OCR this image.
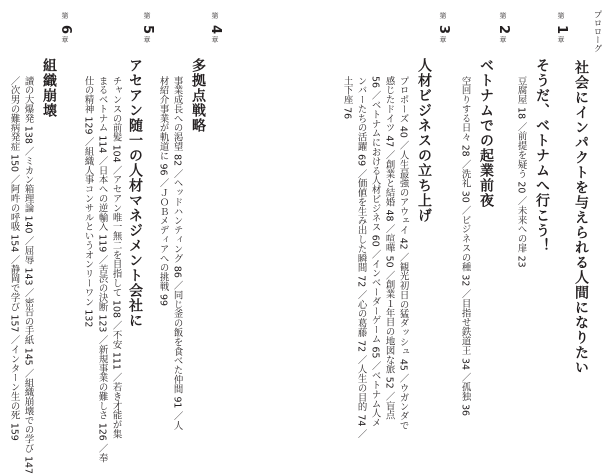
プロローグ
社会にインパクトを与えられる人間になりたい
第1章
そうだ、ベトナムへ行こう！
豆腐屋 18 ／前提を疑う 20 ／未来への扉 23
第2章
ベトナムでの起業前夜
空回りする日々 28 ／洗礼 30 ／ビジネスの種 32 ／目指せ鉄道王 34 ／孤独 36
第3章
人材ビジネスの立ち上げ
プロポーズ 40 ／人生最強のアウェイ 42 ／観光初日の猛ダッシュ 45 ／ウガンダで
感じたドイツ 47 ／創業と結婚 48 ／喧嘩 50 ／創業１年目の地図な旅 52 ／盲点
56 ／ベトナムにおける人材ビジネス 60 ／インベーダーゲーム 65 ／ベトナム人メ
ンバーたちの活躍 69 ／価値を生み出した瞬間 72 ／心の葛藤 72 ／人生の目的 74 ／
土下座 76
第4章
多拠点戦略
事業成長への渇望 82 ／ヘッドハンティング 86 ／同じ釜の飯を食べた仲間 91 ／人
材紹介事業が軌道に 96 ／ＪＯＢメディアへの挑戦 99
第5章
アセアン随一の人材マネジメント会社に
チャンスの前髪 104 ／アセアン唯一無二を目指して 108 ／不安 111 ／若き才能が集
まるベトナム 114 ／日本への逆輸入 119 ／苦渋の決断 123 ／新規事業の難しさ 126 ／奉
仕の精神 129 ／組織人事コンサルというオンリーワン 132
第6章
組織崩壊
讀の大爆発 138 ／ミカン箱理論 140 ／屈辱 143 ／密告の手紙 145 ／組織崩壊での学び 147
／次男の難病発症 150 ／阿吽の呼吸 154 ／静岡で学び 157 ／インターン生の死 159
